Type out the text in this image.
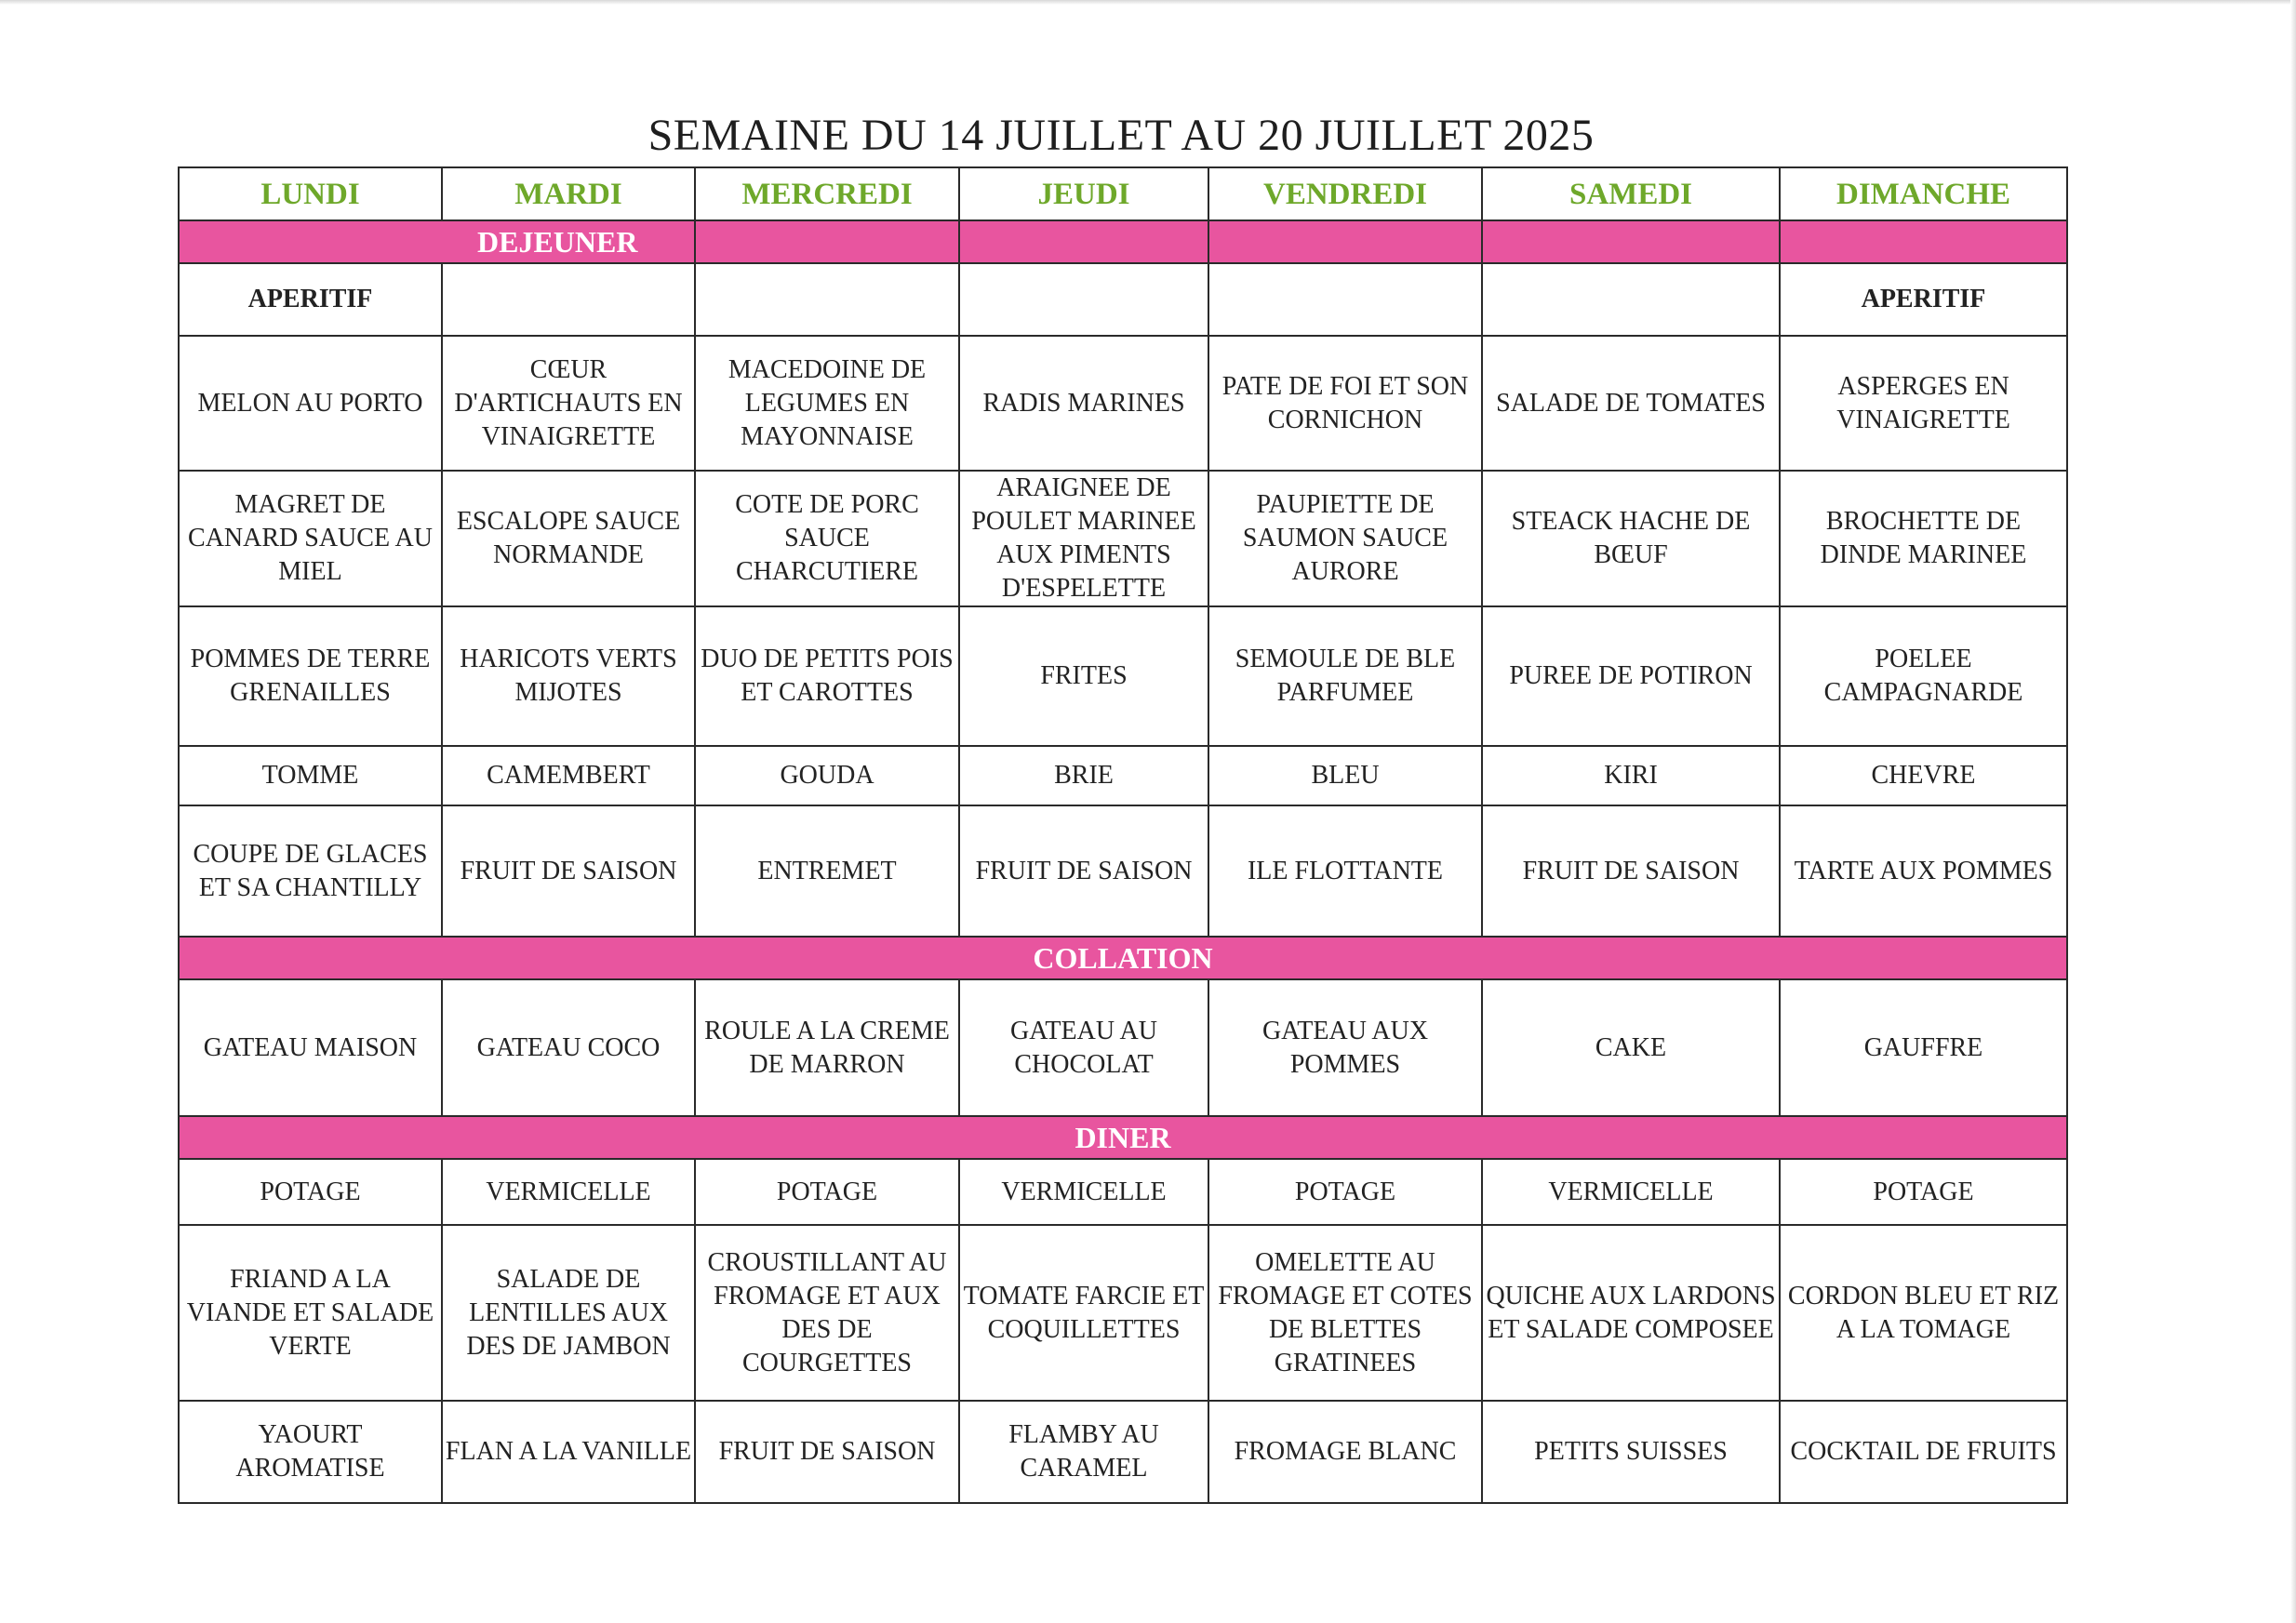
SEMAINE DU 14 JUILLET AU 20 JUILLET 2025
LUNDI	MARDI	MERCREDI	JEUDI	VENDREDI	SAMEDI	DIMANCHE

DEJEUNER						

APERITIF						APERITIF
MELON AU PORTO	CŒUR D'ARTICHAUTS EN VINAIGRETTE	MACEDOINE DE LEGUMES EN MAYONNAISE	RADIS MARINES	PATE DE FOI ET SON CORNICHON	SALADE DE TOMATES	ASPERGES EN VINAIGRETTE
MAGRET DE CANARD SAUCE AU MIEL	ESCALOPE SAUCE NORMANDE	COTE DE PORC SAUCE CHARCUTIERE	ARAIGNEE DE POULET MARINEE AUX PIMENTS D'ESPELETTE	PAUPIETTE DE SAUMON SAUCE AURORE	STEACK HACHE DE BŒUF	BROCHETTE DE DINDE MARINEE
POMMES DE TERRE GRENAILLES	HARICOTS VERTS MIJOTES	DUO DE PETITS POIS ET CAROTTES	FRITES	SEMOULE DE BLE PARFUMEE	PUREE DE POTIRON	POELEE CAMPAGNARDE
TOMME	CAMEMBERT	GOUDA	BRIE	BLEU	KIRI	CHEVRE
COUPE DE GLACES ET SA CHANTILLY	FRUIT DE SAISON	ENTREMET	FRUIT DE SAISON	ILE FLOTTANTE	FRUIT DE SAISON	TARTE AUX POMMES
COLLATION						
GATEAU MAISON	GATEAU COCO	ROULE A LA CREME DE MARRON	GATEAU AU CHOCOLAT	GATEAU AUX POMMES	CAKE	GAUFFRE
DINER						
POTAGE	VERMICELLE	POTAGE	VERMICELLE	POTAGE	VERMICELLE	POTAGE
FRIAND A LA VIANDE ET SALADE VERTE	SALADE DE LENTILLES AUX DES DE JAMBON	CROUSTILLANT AU FROMAGE ET AUX DES DE COURGETTES	TOMATE FARCIE ET COQUILLETTES	OMELETTE AU FROMAGE ET COTES DE BLETTES GRATINEES	QUICHE AUX LARDONS ET SALADE COMPOSEE	CORDON BLEU ET RIZ A LA TOMAGE
YAOURT AROMATISE	FLAN A LA VANILLE	FRUIT DE SAISON	FLAMBY AU CARAMEL	FROMAGE BLANC	PETITS SUISSES	COCKTAIL DE FRUITS
